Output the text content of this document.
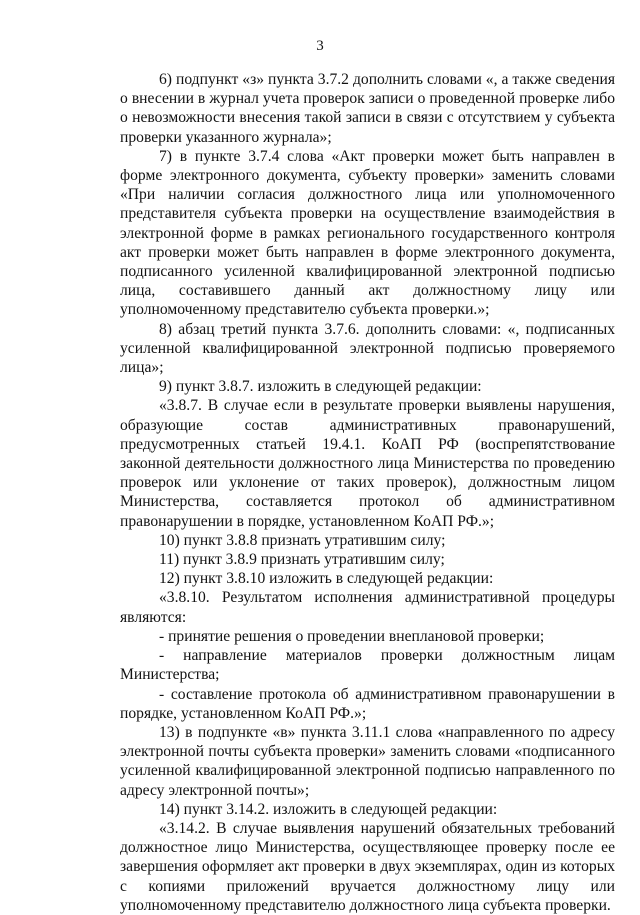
3

6) подпункт «з» пункта 3.7.2 дополнить словами «, а также сведения о внесении в журнал учета проверок записи о проведенной проверке либо о невозможности внесения такой записи в связи с отсутствием у субъекта проверки указанного журнала»;

7) в пункте 3.7.4 слова «Акт проверки может быть направлен в форме электронного документа, субъекту проверки» заменить словами «При наличии согласия должностного лица или уполномоченного представителя субъекта проверки на осуществление взаимодействия в электронной форме в рамках регионального государственного контроля акт проверки может быть направлен в форме электронного документа, подписанного усиленной квалифицированной электронной подписью лица, составившего данный акт должностному лицу или уполномоченному представителю субъекта проверки.»;

8) абзац третий пункта 3.7.6. дополнить словами: «, подписанных усиленной квалифицированной электронной подписью проверяемого лица»;

9) пункт 3.8.7. изложить в следующей редакции:

«3.8.7. В случае если в результате проверки выявлены нарушения, образующие состав административных правонарушений, предусмотренных статьей 19.4.1. КоАП РФ (воспрепятствование законной деятельности должностного лица Министерства по проведению проверок или уклонение от таких проверок), должностным лицом Министерства, составляется протокол об административном правонарушении в порядке, установленном КоАП РФ.»;

10) пункт 3.8.8 признать утратившим силу;

11) пункт 3.8.9 признать утратившим силу;

12) пункт 3.8.10 изложить в следующей редакции:

«3.8.10. Результатом исполнения административной процедуры являются:

- принятие решения о проведении внеплановой проверки;

- направление материалов проверки должностным лицам Министерства;

- составление протокола об административном правонарушении в порядке, установленном КоАП РФ.»;

13) в подпункте «в» пункта 3.11.1 слова «направленного по адресу электронной почты субъекта проверки» заменить словами «подписанного усиленной квалифицированной электронной подписью направленного по адресу электронной почты»;

14) пункт 3.14.2. изложить в следующей редакции:

«3.14.2. В случае выявления нарушений обязательных требований должностное лицо Министерства, осуществляющее проверку после ее завершения оформляет акт проверки в двух экземплярах, один из которых с копиями приложений вручается должностному лицу или уполномоченному представителю должностного лица субъекта проверки.
